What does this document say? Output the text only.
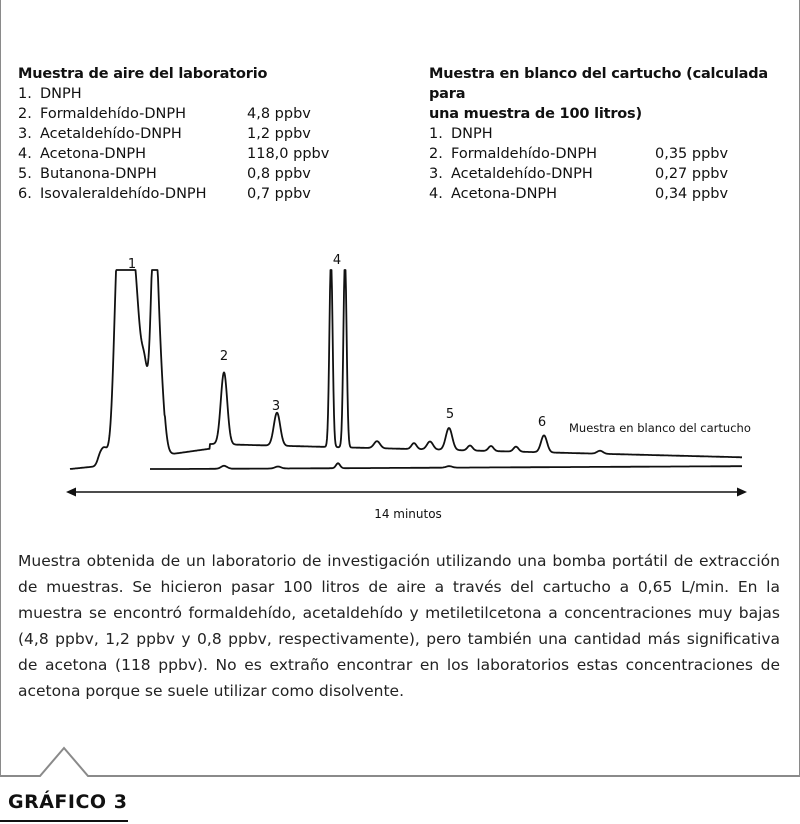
Muestra de aire del laboratorio
1. DNPH
2. Formaldehído-DNPH	4,8 ppbv
3. Acetaldehído-DNPH	1,2 ppbv
4. Acetona-DNPH	118,0 ppbv
5. Butanona-DNPH	0,8 ppbv
6. Isovaleraldehído-DNPH	0,7 ppbv
Muestra en blanco del cartucho (calculada para
una muestra de 100 litros)
1. DNPH
2. Formaldehído-DNPH	0,35 ppbv
3. Acetaldehído-DNPH	0,27 ppbv
4. Acetona-DNPH	0,34 ppbv
1
2
3
4
5
6 Muestra en blanco del cartucho
14 minutos
Muestra obtenida de un laboratorio de investigación utilizando una bomba portátil de extracción de muestras. Se hicieron pasar 100 litros de aire a través del cartucho a 0,65 L/min. En la muestra se encontró formaldehído, acetaldehído y metiletilcetona a concentraciones muy bajas (4,8 ppbv, 1,2 ppbv y 0,8 ppbv, respectivamente), pero también una cantidad más significativa de acetona (118 ppbv). No es extraño encontrar en los laboratorios estas concentraciones de acetona porque se suele utilizar como disolvente.
GRÁFICO 3
